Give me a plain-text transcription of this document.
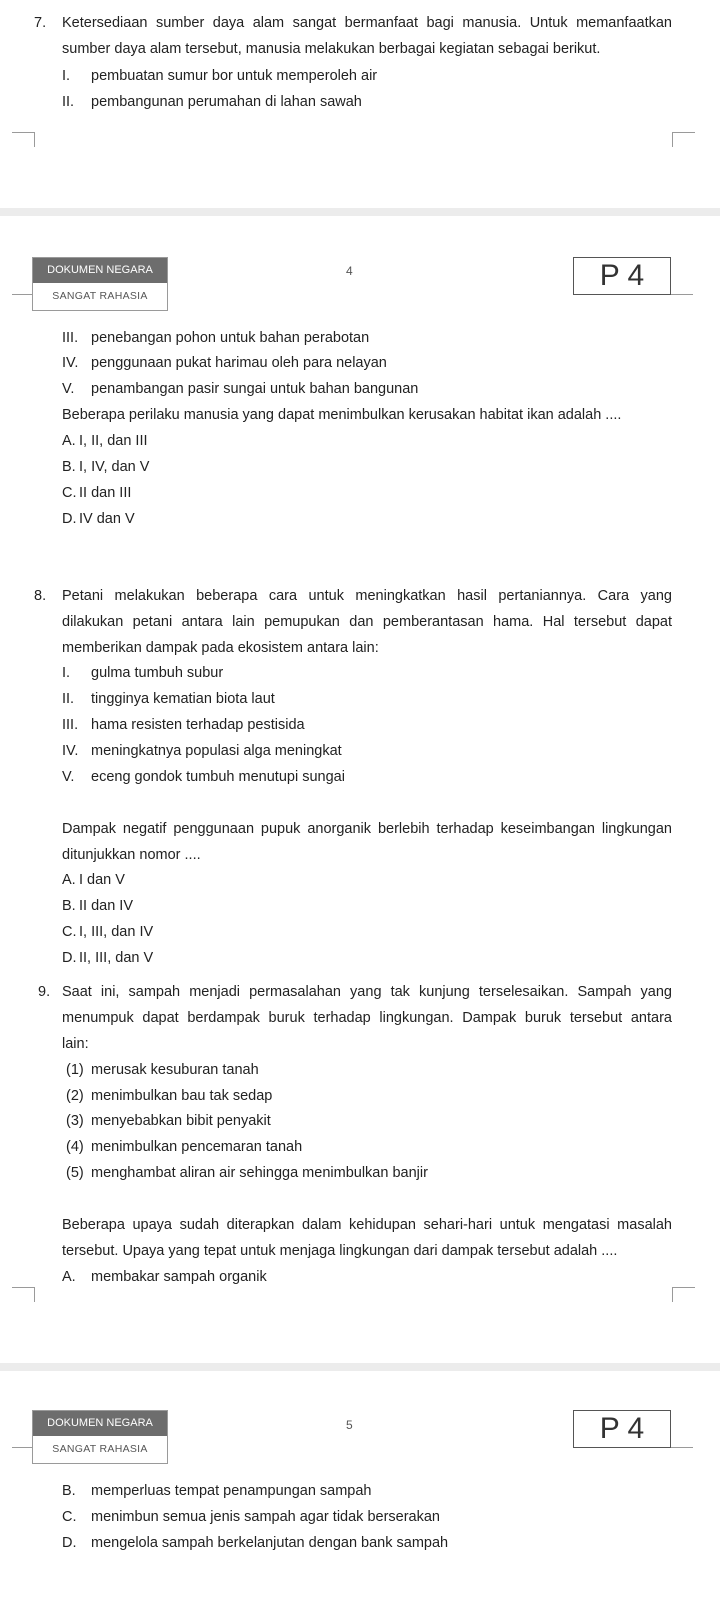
7. Ketersediaan sumber daya alam sangat bermanfaat bagi manusia. Untuk memanfaatkan
sumber daya alam tersebut, manusia melakukan berbagai kegiatan sebagai berikut.
I. pembuatan sumur bor untuk memperoleh air
II. pembangunan perumahan di lahan sawah
DOKUMEN NEGARA
SANGAT RAHASIA
4	P 4
III. penebangan pohon untuk bahan perabotan
IV. penggunaan pukat harimau oleh para nelayan
V. penambangan pasir sungai untuk bahan bangunan
Beberapa perilaku manusia yang dapat menimbulkan kerusakan habitat ikan adalah ....
A. I, II, dan III
B. I, IV, dan V
C. II dan III
D. IV dan V
8. Petani melakukan beberapa cara untuk meningkatkan hasil pertaniannya. Cara yang
dilakukan petani antara lain pemupukan dan pemberantasan hama. Hal tersebut dapat
memberikan dampak pada ekosistem antara lain:
I. gulma tumbuh subur
II. tingginya kematian biota laut
III. hama resisten terhadap pestisida
IV. meningkatnya populasi alga meningkat
V. eceng gondok tumbuh menutupi sungai
Dampak negatif penggunaan pupuk anorganik berlebih terhadap keseimbangan lingkungan
ditunjukkan nomor ....
A. I dan V
B. II dan IV
C. I, III, dan IV
D. II, III, dan V
9. Saat ini, sampah menjadi permasalahan yang tak kunjung terselesaikan. Sampah yang
menumpuk dapat berdampak buruk terhadap lingkungan. Dampak buruk tersebut antara
lain:
(1) merusak kesuburan tanah
(2) menimbulkan bau tak sedap
(3) menyebabkan bibit penyakit
(4) menimbulkan pencemaran tanah
(5) menghambat aliran air sehingga menimbulkan banjir
Beberapa upaya sudah diterapkan dalam kehidupan sehari-hari untuk mengatasi masalah
tersebut. Upaya yang tepat untuk menjaga lingkungan dari dampak tersebut adalah ....
A. membakar sampah organik
DOKUMEN NEGARA
SANGAT RAHASIA
5	P 4
B. memperluas tempat penampungan sampah
C. menimbun semua jenis sampah agar tidak berserakan
D. mengelola sampah berkelanjutan dengan bank sampah
